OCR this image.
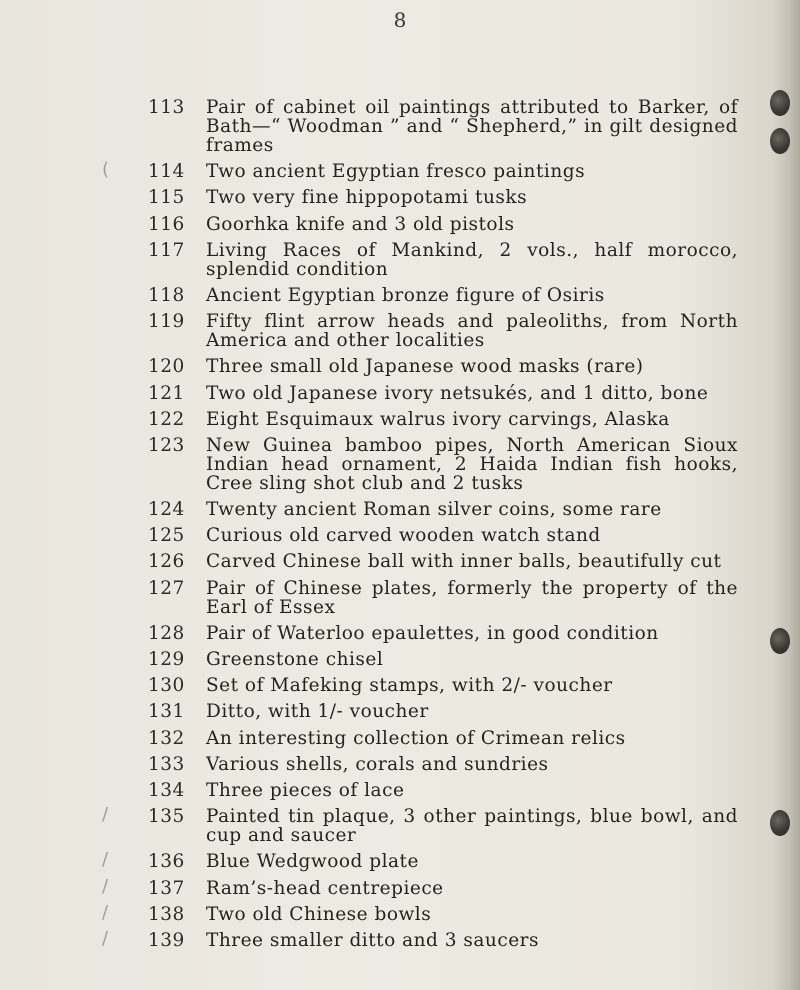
8
113	Pair of cabinet oil paintings attributed to Barker, of Bath—“ Woodman ” and “ Shepherd,” in gilt designed frames
( 114	Two ancient Egyptian fresco paintings
115	Two very fine hippopotami tusks
116	Goorhka knife and 3 old pistols
117	Living Races of Mankind, 2 vols., half morocco, splendid condition
118	Ancient Egyptian bronze figure of Osiris
119	Fifty flint arrow heads and paleoliths, from North America and other localities
120	Three small old Japanese wood masks (rare)
121	Two old Japanese ivory netsukés, and 1 ditto, bone
122	Eight Esquimaux walrus ivory carvings, Alaska
123	New Guinea bamboo pipes, North American Sioux Indian head ornament, 2 Haida Indian fish hooks, Cree sling shot club and 2 tusks
124	Twenty ancient Roman silver coins, some rare
125	Curious old carved wooden watch stand
126	Carved Chinese ball with inner balls, beautifully cut
127	Pair of Chinese plates, formerly the property of the Earl of Essex
128	Pair of Waterloo epaulettes, in good condition
129	Greenstone chisel
130	Set of Mafeking stamps, with 2/- voucher
131	Ditto, with 1/- voucher
132	An interesting collection of Crimean relics
133	Various shells, corals and sundries
134	Three pieces of lace
/ 135	Painted tin plaque, 3 other paintings, blue bowl, and cup and saucer
/ 136	Blue Wedgwood plate
/ 137	Ram’s-head centrepiece
/ 138	Two old Chinese bowls
/ 139	Three smaller ditto and 3 saucers
